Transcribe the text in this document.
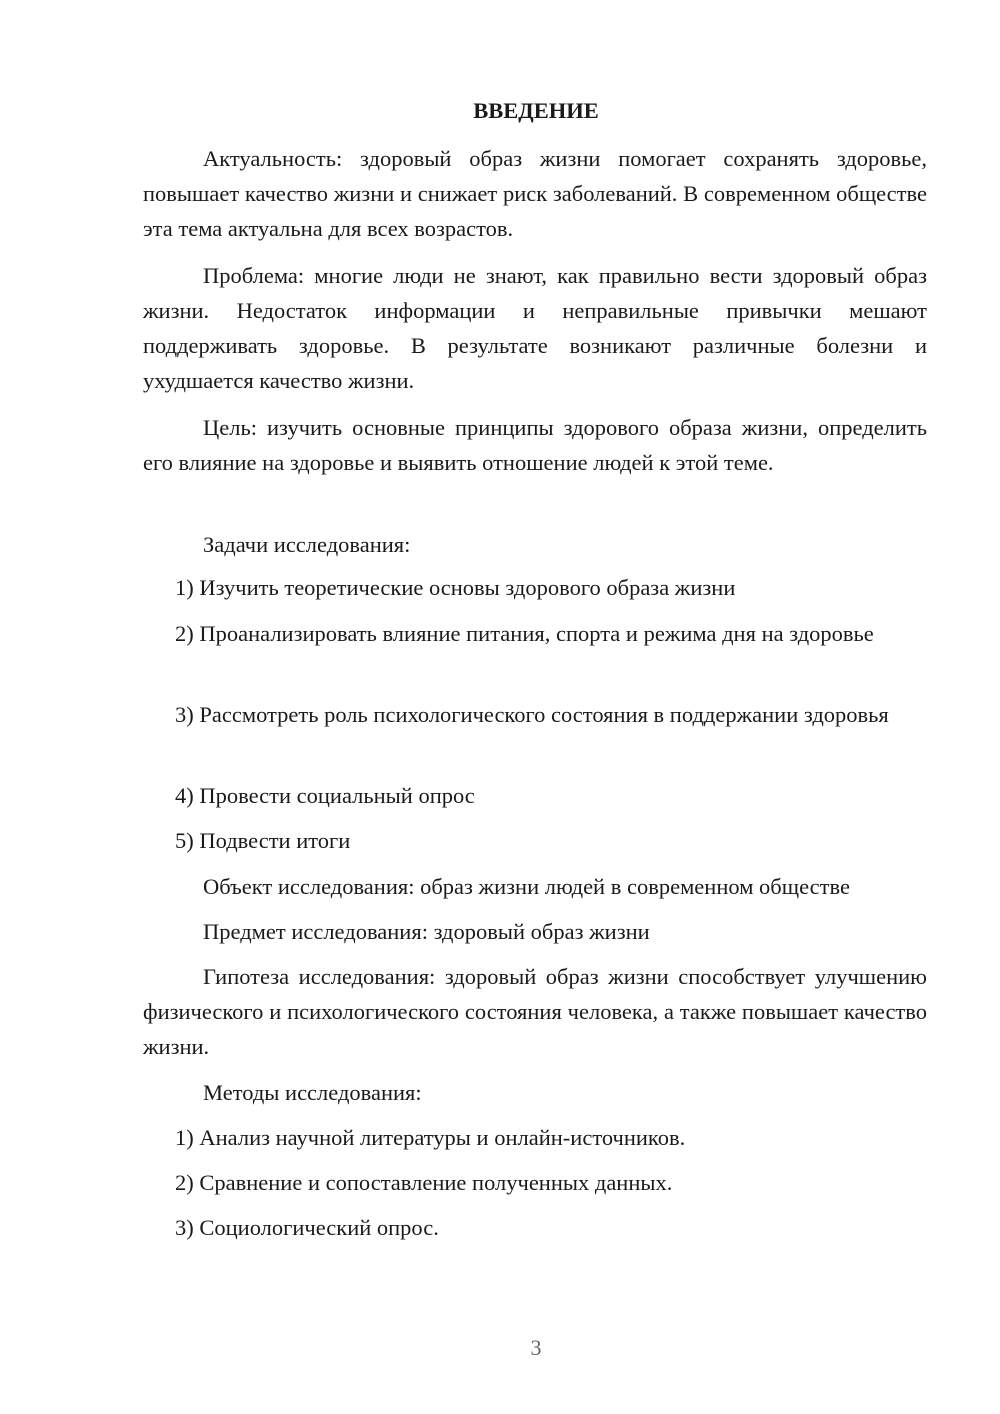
ВВЕДЕНИЕ

Актуальность: здоровый образ жизни помогает сохранять здоровье, повышает качество жизни и снижает риск заболеваний. В современном обществе эта тема актуальна для всех возрастов.

Проблема: многие люди не знают, как правильно вести здоровый образ жизни. Недостаток информации и неправильные привычки мешают поддерживать здоровье. В результате возникают различные болезни и ухудшается качество жизни.

Цель: изучить основные принципы здорового образа жизни, определить его влияние на здоровье и выявить отношение людей к этой теме.

Задачи исследования:

1) Изучить теоретические основы здорового образа жизни

2) Проанализировать влияние питания, спорта и режима дня на здоровье

3) Рассмотреть роль психологического состояния в поддержании здоровья

4) Провести социальный опрос

5) Подвести итоги

Объект исследования: образ жизни людей в современном обществе

Предмет исследования: здоровый образ жизни

Гипотеза исследования: здоровый образ жизни способствует улучшению физического и психологического состояния человека, а также повышает качество жизни.

Методы исследования:

1) Анализ научной литературы и онлайн-источников.

2) Сравнение и сопоставление полученных данных.

3) Социологический опрос.

3
